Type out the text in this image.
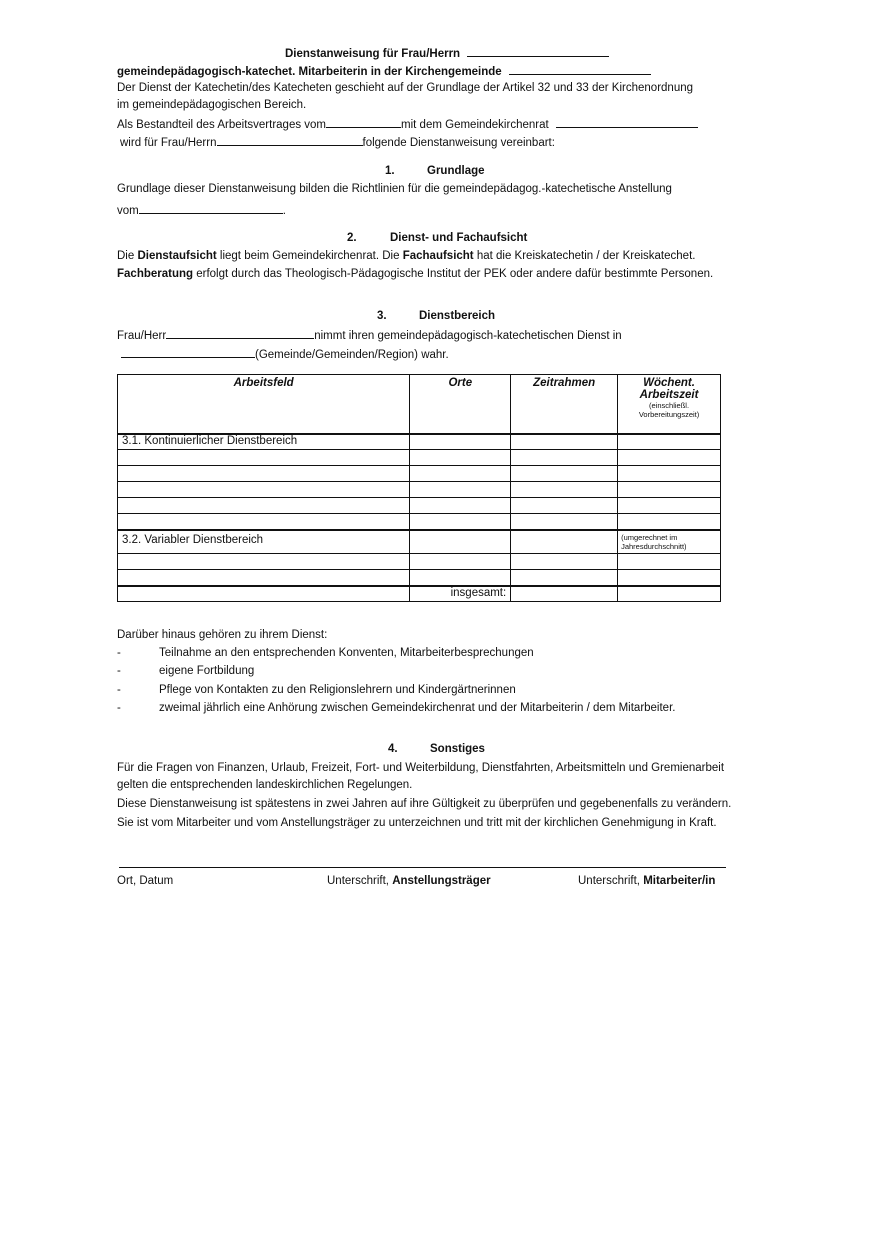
Dienstanweisung für Frau/Herrn
gemeindepädagogisch-katechet. Mitarbeiterin in der Kirchengemeinde
Der Dienst der Katechetin/des Katecheten geschieht auf der Grundlage der Artikel 32 und 33 der Kirchenordnung
im gemeindepädagogischen Bereich.
Als Bestandteil des Arbeitsvertrages vom	mit dem Gemeindekirchenrat
wird für Frau/Herrn	folgende Dienstanweisung vereinbart:
1.	Grundlage
Grundlage dieser Dienstanweisung bilden die Richtlinien für die gemeindepädagog.-katechetische Anstellung
vom	.
2.	Dienst- und Fachaufsicht
Die Dienstaufsicht liegt beim Gemeindekirchenrat. Die Fachaufsicht hat die Kreiskatechetin / der Kreiskatechet.
Fachberatung erfolgt durch das Theologisch-Pädagogische Institut der PEK oder andere dafür bestimmte Personen.
3.	Dienstbereich
Frau/Herr	nimmt ihren gemeindepädagogisch-katechetischen Dienst in
(Gemeinde/Gemeinden/Region) wahr.
Arbeitsfeld	Orte	Zeitrahmen	Wöchent.
Arbeitszeit
(einschließl. Vorbereitungszeit)

3.1. Kontinuierlicher Dienstbereich			

3.2. Variabler Dienstbereich			(umgerechnet im Jahresdurchschnitt)

	insgesamt:		
Darüber hinaus gehören zu ihrem Dienst:
-	Teilnahme an den entsprechenden Konventen, Mitarbeiterbesprechungen
-	eigene Fortbildung
-	Pflege von Kontakten zu den Religionslehrern und Kindergärtnerinnen
-	zweimal jährlich eine Anhörung zwischen Gemeindekirchenrat und der Mitarbeiterin / dem Mitarbeiter.
4.	Sonstiges
Für die Fragen von Finanzen, Urlaub, Freizeit, Fort- und Weiterbildung, Dienstfahrten, Arbeitsmitteln und Gremienarbeit
gelten die entsprechenden landeskirchlichen Regelungen.
Diese Dienstanweisung ist spätestens in zwei Jahren auf ihre Gültigkeit zu überprüfen und gegebenenfalls zu verändern.
Sie ist vom Mitarbeiter und vom Anstellungsträger zu unterzeichnen und tritt mit der kirchlichen Genehmigung in Kraft.
Ort, Datum	Unterschrift, Anstellungsträger	Unterschrift, Mitarbeiter/in
